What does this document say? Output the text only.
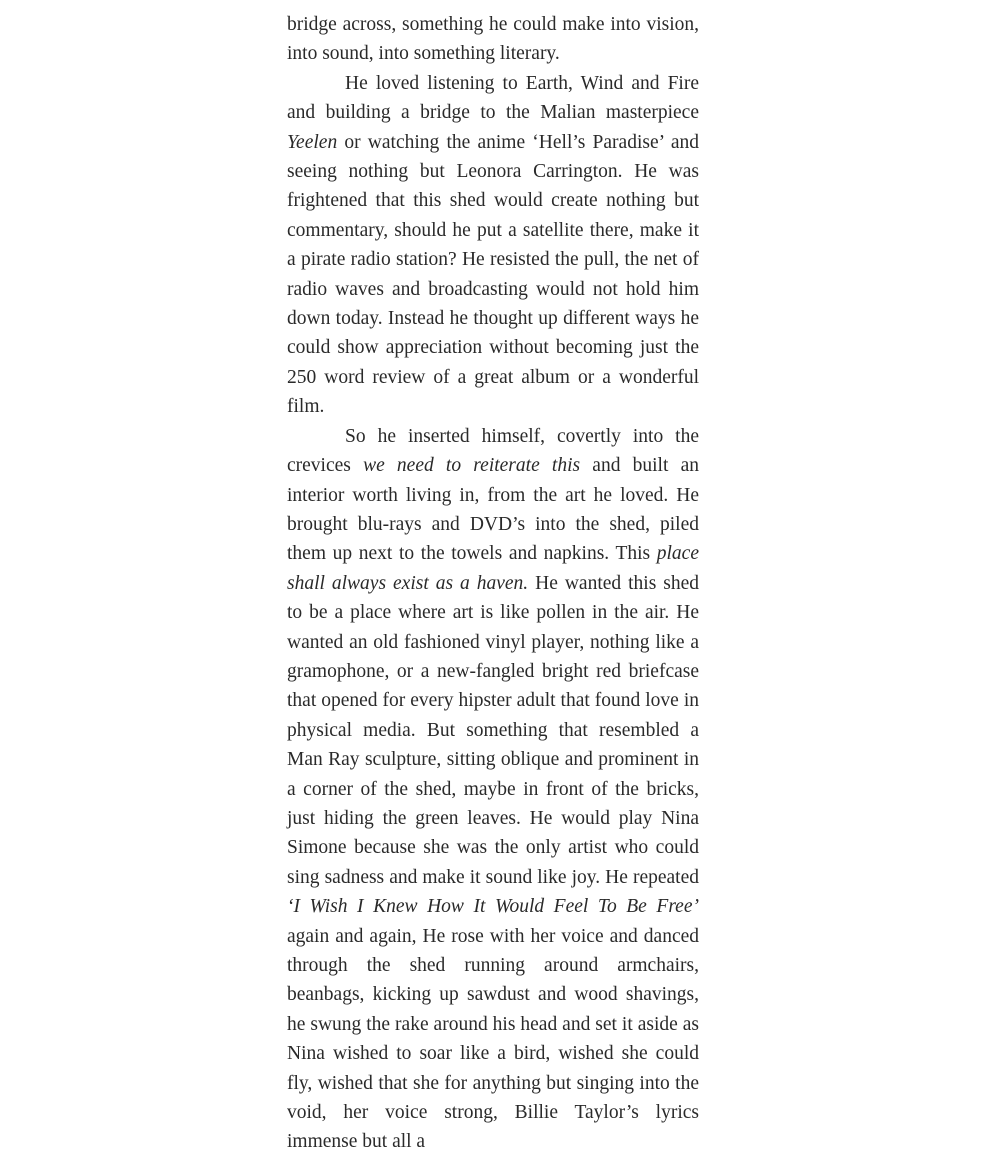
bridge across, something he could make into vision, into sound, into something literary.

He loved listening to Earth, Wind and Fire and building a bridge to the Malian masterpiece Yeelen or watching the anime ‘Hell’s Paradise’ and seeing nothing but Leonora Carrington. He was frightened that this shed would create nothing but commentary, should he put a satellite there, make it a pirate radio station? He resisted the pull, the net of radio waves and broadcasting would not hold him down today. Instead he thought up different ways he could show appreciation without becoming just the 250 word review of a great album or a wonderful film.

So he inserted himself, covertly into the crevices we need to reiterate this and built an interior worth living in, from the art he loved. He brought blu-rays and DVD’s into the shed, piled them up next to the towels and napkins. This place shall always exist as a haven. He wanted this shed to be a place where art is like pollen in the air. He wanted an old fashioned vinyl player, nothing like a gramophone, or a new-fangled bright red briefcase that opened for every hipster adult that found love in physical media. But something that resembled a Man Ray sculpture, sitting oblique and prominent in a corner of the shed, maybe in front of the bricks, just hiding the green leaves. He would play Nina Simone because she was the only artist who could sing sadness and make it sound like joy. He repeated ‘I Wish I Knew How It Would Feel To Be Free’ again and again, He rose with her voice and danced through the shed running around armchairs, beanbags, kicking up sawdust and wood shavings, he swung the rake around his head and set it aside as Nina wished to soar like a bird, wished she could fly, wished that she for anything but singing into the void, her voice strong, Billie Taylor’s lyrics immense but all a
